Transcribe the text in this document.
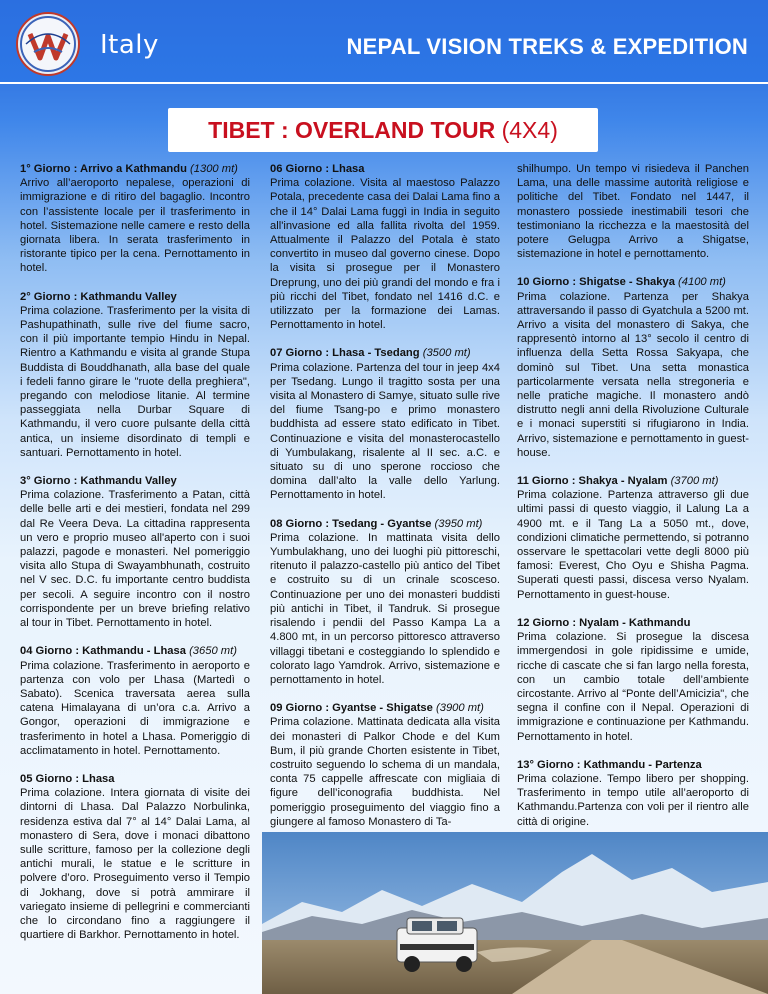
Italy	NEPAL VISION TREKS & EXPEDITION
TIBET : OVERLAND TOUR (4X4)
1° Giorno : Arrivo a Kathmandu (1300 mt)
Arrivo all’aeroporto nepalese, operazioni di immigrazione e di ritiro del bagaglio. Incontro con l’assistente locale per il trasferimento in hotel. Sistemazione nelle camere e resto della giornata libera. In serata trasferimento in ristorante tipico per la cena. Pernottamento in hotel.
2° Giorno : Kathmandu Valley
Prima colazione. Trasferimento per la visita di Pashupathinath, sulle rive del fiume sacro, con il più importante tempio Hindu in Nepal. Rientro a Kathmandu e visita al grande Stupa Buddista di Bouddhanath, alla base del quale i fedeli fanno girare le "ruote della preghiera", pregando con melodiose litanie. Al termine passeggiata nella Durbar Square di Kathmandu, il vero cuore pulsante della città antica, un insieme disordinato di templi e santuari. Pernottamento in hotel.
3° Giorno : Kathmandu Valley
Prima colazione. Trasferimento a Patan, città delle belle arti e dei mestieri, fondata nel 299 dal Re Veera Deva. La cittadina rappresenta un vero e proprio museo all'aperto con i suoi palazzi, pagode e monasteri. Nel pomeriggio visita allo Stupa di Swayambhunath, costruito nel V sec. D.C. fu importante centro buddista per secoli. A seguire incontro con il nostro corrispondente per un breve briefing relativo al tour in Tibet. Pernottamento in hotel.
04 Giorno : Kathmandu - Lhasa (3650 mt)
Prima colazione. Trasferimento in aeroporto e partenza con volo per Lhasa (Martedì o Sabato). Scenica traversata aerea sulla catena Himalayana di un’ora c.a. Arrivo a Gongor, operazioni di immigrazione e trasferimento in hotel a Lhasa. Pomeriggio di acclimatamento in hotel. Pernottamento.
05 Giorno : Lhasa
Prima colazione. Intera giornata di visite dei dintorni di Lhasa. Dal Palazzo Norbulinka, residenza estiva dal 7° al 14° Dalai Lama, al monastero di Sera, dove i monaci dibattono sulle scritture, famoso per la collezione degli antichi murali, le statue e le scritture in polvere d’oro. Proseguimento verso il Tempio di Jokhang, dove si potrà ammirare il variegato insieme di pellegrini e commercianti che lo circondano fino a raggiungere il quartiere di Barkhor. Pernottamento in hotel.
06 Giorno : Lhasa
Prima colazione. Visita al maestoso Palazzo Potala, precedente casa dei Dalai Lama fino a che il 14° Dalai Lama fuggì in India in seguito all'invasione ed alla fallita rivolta del 1959. Attualmente il Palazzo del Potala è stato convertito in museo dal governo cinese. Dopo la visita si prosegue per il Monastero Dreprung, uno dei più grandi del mondo e fra i più ricchi del Tibet, fondato nel 1416 d.C. e utilizzato per la formazione dei Lamas. Pernottamento in hotel.
07 Giorno : Lhasa - Tsedang (3500 mt)
Prima colazione. Partenza del tour in jeep 4x4 per Tsedang. Lungo il tragitto sosta per una visita al Monastero di Samye, situato sulle rive del fiume Tsang-po e primo monastero buddhista ad essere stato edificato in Tibet. Continuazione e visita del monasterocastello di Yumbulakang, risalente al II sec. a.C. e situato su di uno sperone roccioso che domina dall’alto la valle dello Yarlung. Pernottamento in hotel.
08 Giorno : Tsedang - Gyantse (3950 mt)
Prima colazione. In mattinata visita dello Yumbulakhang, uno dei luoghi più pittoreschi, ritenuto il palazzo-castello più antico del Tibet e costruito su di un crinale scosceso. Continuazione per uno dei monasteri buddisti più antichi in Tibet, il Tandruk. Si prosegue risalendo i pendii del Passo Kampa La a 4.800 mt, in un percorso pittoresco attraverso villaggi tibetani e costeggiando lo splendido e colorato lago Yamdrok. Arrivo, sistemazione e pernottamento in hotel.
09 Giorno : Gyantse - Shigatse (3900 mt)
Prima colazione. Mattinata dedicata alla visita dei monasteri di Palkor Chode e del Kum Bum, il più grande Chorten esistente in Tibet, costruito seguendo lo schema di un mandala, conta 75 cappelle affrescate con migliaia di figure dell’iconografia buddhista. Nel pomeriggio proseguimento del viaggio fino a giungere al famoso Monastero di Ta-
shilhumpo. Un tempo vi risiedeva il Panchen Lama, una delle massime autorità religiose e politiche del Tibet. Fondato nel 1447, il monastero possiede inestimabili tesori che testimoniano la ricchezza e la maestosità del potere Gelugpa Arrivo a Shigatse, sistemazione in hotel e pernottamento.
10 Giorno : Shigatse - Shakya (4100 mt)
Prima colazione. Partenza per Shakya attraversando il passo di Gyatchula a 5200 mt. Arrivo a visita del monastero di Sakya, che rappresentò intorno al 13° secolo il centro di influenza della Setta Rossa Sakyapa, che dominò sul Tibet. Una setta monastica particolarmente versata nella stregoneria e nelle pratiche magiche. Il monastero andò distrutto negli anni della Rivoluzione Culturale e i monaci superstiti si rifugiarono in India. Arrivo, sistemazione e pernottamento in guest-house.
11 Giorno : Shakya - Nyalam (3700 mt)
Prima colazione. Partenza attraverso gli due ultimi passi di questo viaggio, il Lalung La a 4900 mt. e il Tang La a 5050 mt., dove, condizioni climatiche permettendo, si potranno osservare le spettacolari vette degli 8000 più famosi: Everest, Cho Oyu e Shisha Pagma. Superati questi passi, discesa verso Nyalam. Pernottamento in guest-house.
12 Giorno : Nyalam - Kathmandu
Prima colazione. Si prosegue la discesa immergendosi in gole ripidissime e umide, ricche di cascate che si fan largo nella foresta, con un cambio totale dell’ambiente circostante. Arrivo al “Ponte dell’Amicizia", che segna il confine con il Nepal. Operazioni di immigrazione e continuazione per Kathmandu. Pernottamento in hotel.
13° Giorno : Kathmandu - Partenza
Prima colazione. Tempo libero per shopping. Trasferimento in tempo utile all’aeroporto di Kathmandu.Partenza con voli per il rientro alle città di origine.
